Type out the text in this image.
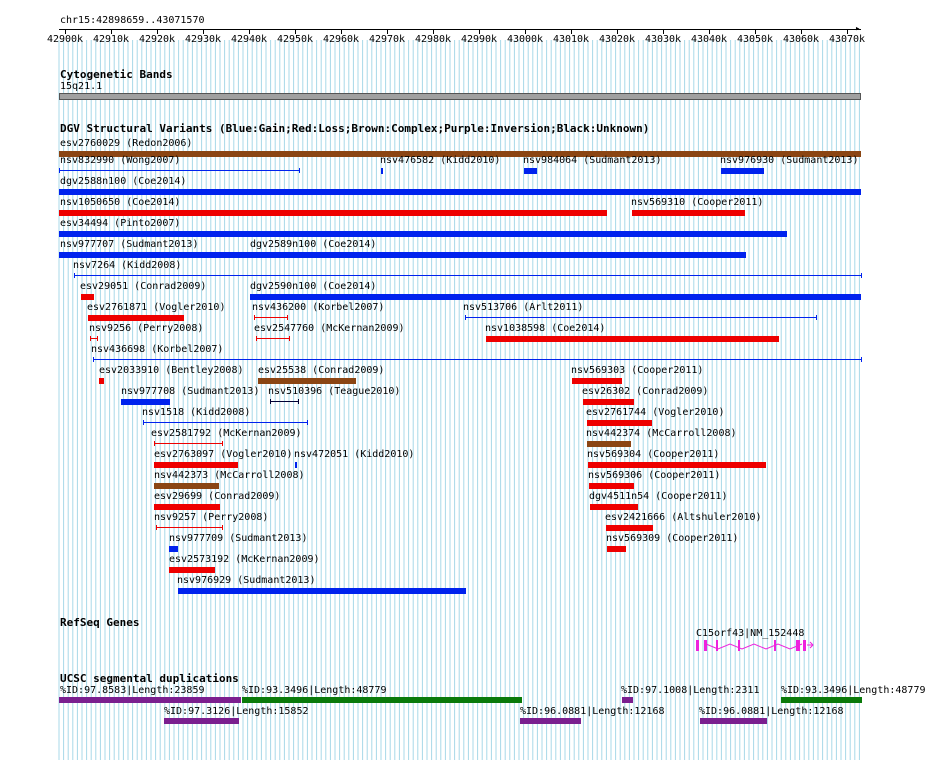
chr15:42898659..43071570
▸
42900k 42910k 42920k 42930k 42940k 42950k 42960k 42970k 42980k 42990k 43000k 43010k 43020k 43030k 43040k 43050k 43060k 43070k
Cytogenetic Bands
15q21.1
DGV Structural Variants (Blue:Gain;Red:Loss;Brown:Complex;Purple:Inversion;Black:Unknown)
esv2760029 (Redon2006)
nsv832990 (Wong2007)	nsv476582 (Kidd2010) nsv984064 (Sudmant2013)	nsv976930 (Sudmant2013)
dgv2588n100 (Coe2014)
nsv1050650 (Coe2014)	nsv569310 (Cooper2011)
esv34494 (Pinto2007)
nsv977707 (Sudmant2013)	dgv2589n100 (Coe2014)
nsv7264 (Kidd2008)
esv29051 (Conrad2009)	dgv2590n100 (Coe2014)
esv2761871 (Vogler2010)	nsv436200 (Korbel2007)	nsv513706 (Arlt2011)
nsv9256 (Perry2008)	esv2547760 (McKernan2009)	nsv1038598 (Coe2014)
nsv436698 (Korbel2007)
esv2033910 (Bentley2008) esv25538 (Conrad2009)	nsv569303 (Cooper2011)
nsv977708 (Sudmant2013) nsv510396 (Teague2010)	esv26302 (Conrad2009)
nsv1518 (Kidd2008)	esv2761744 (Vogler2010)
esv2581792 (McKernan2009)	nsv442374 (McCarroll2008)
esv2763097 (Vogler2010) nsv472051 (Kidd2010)	nsv569304 (Cooper2011)
nsv442373 (McCarroll2008)	nsv569306 (Cooper2011)
esv29699 (Conrad2009)	dgv4511n54 (Cooper2011)
nsv9257 (Perry2008)	esv2421666 (Altshuler2010)
nsv977709 (Sudmant2013)	nsv569309 (Cooper2011)
esv2573192 (McKernan2009)
nsv976929 (Sudmant2013)
RefSeq Genes
C15orf43|NM_152448
UCSC segmental duplications
%ID:97.8583|Length:23859	%ID:93.3496|Length:48779	%ID:97.1008|Length:2311 %ID:93.3496|Length:48779
%ID:97.3126|Length:15852	%ID:96.0881|Length:12168	%ID:96.0881|Length:12168
